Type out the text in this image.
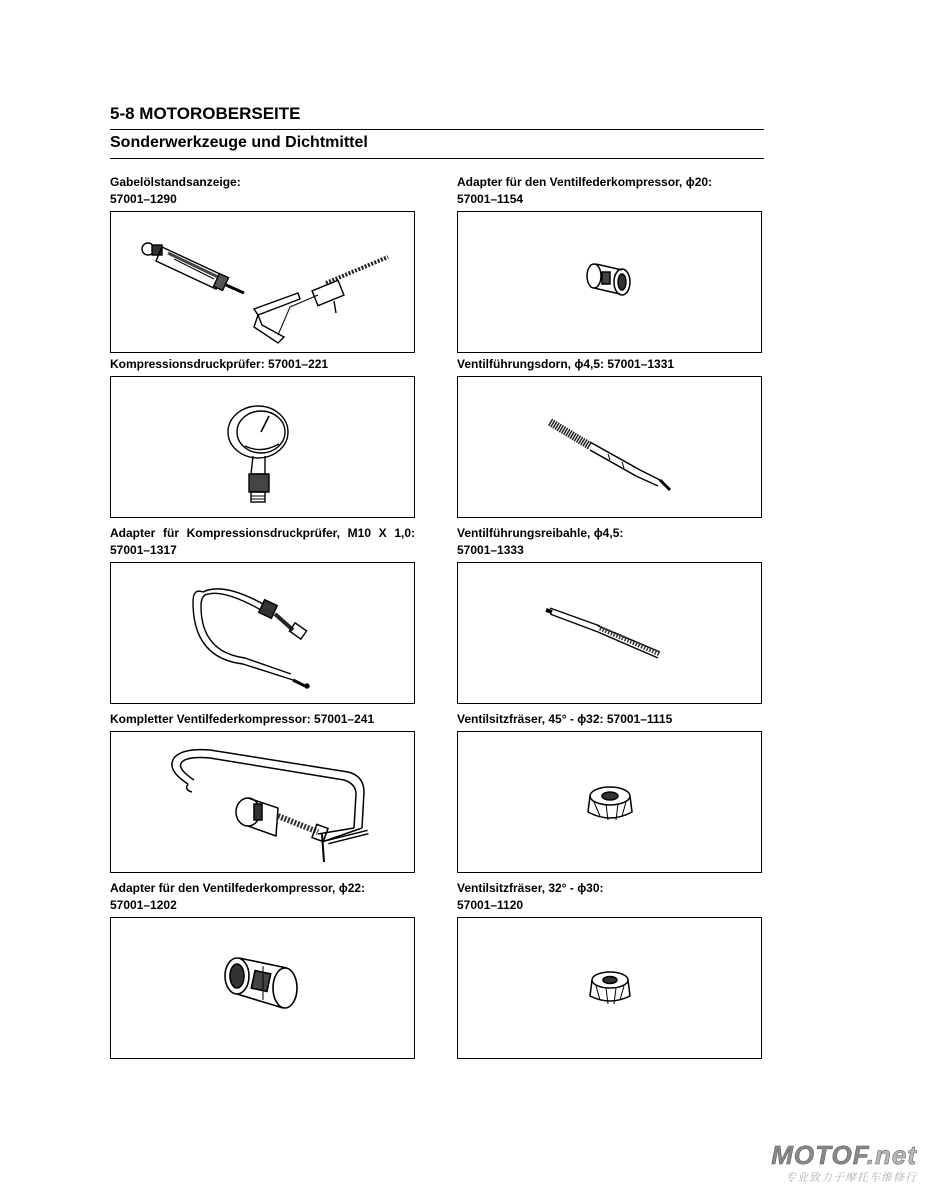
5-8 MOTOROBERSEITE
Sonderwerkzeuge und Dichtmittel
Gabelölstandsanzeige:
57001–1290
Kompressionsdruckprüfer: 57001–221
Adapter für Kompressionsdruckprüfer, M10 X 1,0: 57001–1317
Kompletter Ventilfederkompressor: 57001–241
Adapter für den Ventilfederkompressor, ϕ22:
57001–1202
Adapter für den Ventilfederkompressor, ϕ20:
57001–1154
Ventilführungsdorn, ϕ4,5: 57001–1331
Ventilführungsreibahle, ϕ4,5:
57001–1333
Ventilsitzfräser, 45° - ϕ32: 57001–1115
Ventilsitzfräser, 32° - ϕ30:
57001–1120
MOTOF.net
专业致力于摩托车维修行
